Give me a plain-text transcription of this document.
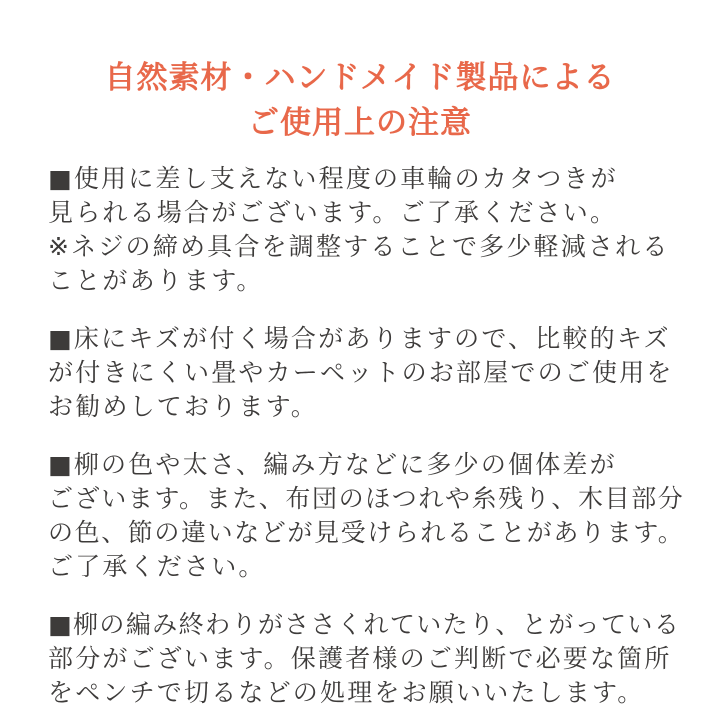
自然素材・ハンドメイド製品による
ご使用上の注意
■使用に差し支えない程度の車輪のカタつきが
見られる場合がございます。ご了承ください。
※ネジの締め具合を調整することで多少軽減される
ことがあります。
■床にキズが付く場合がありますので、比較的キズ
が付きにくい畳やカーペットのお部屋でのご使用を
お勧めしております。
■柳の色や太さ、編み方などに多少の個体差が
ございます。また、布団のほつれや糸残り、木目部分
の色、節の違いなどが見受けられることがあります。
ご了承ください。
■柳の編み終わりがささくれていたり、とがっている
部分がございます。保護者様のご判断で必要な箇所
をペンチで切るなどの処理をお願いいたします。
